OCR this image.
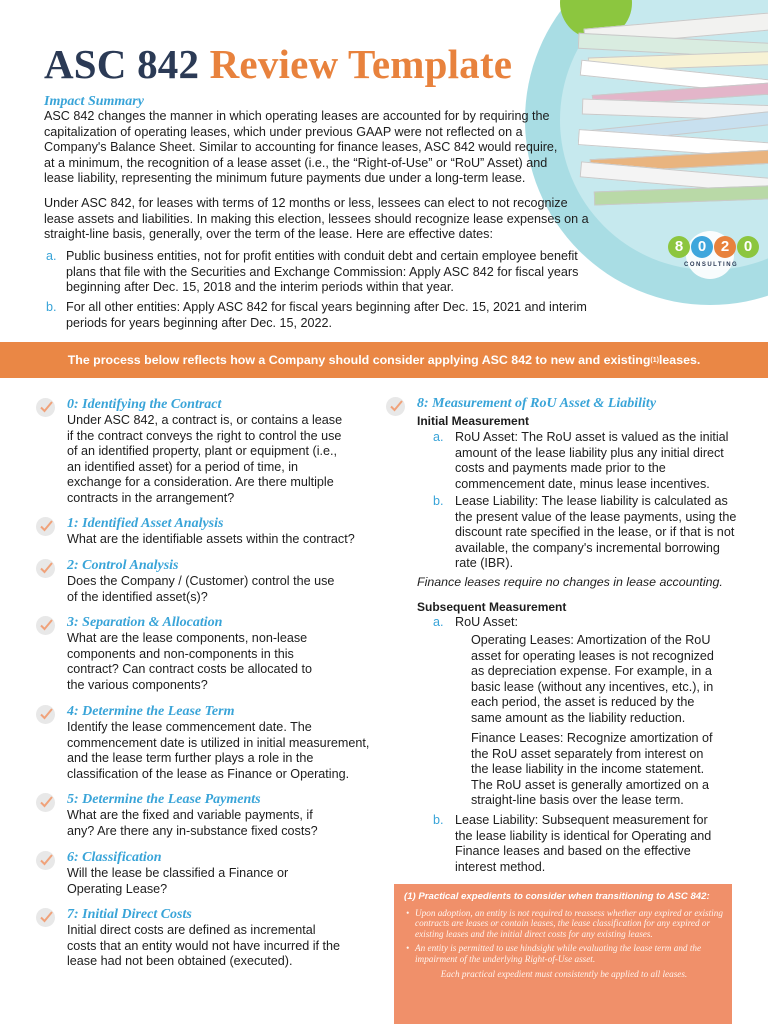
ASC 842 Review Template
Impact Summary
ASC 842 changes the manner in which operating leases are accounted for by requiring the capitalization of operating leases, which under previous GAAP were not reflected on a Company's Balance Sheet. Similar to accounting for finance leases, ASC 842 would require, at a minimum, the recognition of a lease asset (i.e., the “Right-of-Use” or “RoU” Asset) and lease liability, representing the minimum future payments due under a long-term lease.
Under ASC 842, for leases with terms of 12 months or less, lessees can elect to not recognize lease assets and liabilities. In making this election, lessees should recognize lease expenses on a straight-line basis, generally, over the term of the lease. Here are effective dates:
a. Public business entities, not for profit entities with conduit debt and certain employee benefit plans that file with the Securities and Exchange Commission: Apply ASC 842 for fiscal years beginning after Dec. 15, 2018 and the interim periods within that year.
b. For all other entities: Apply ASC 842 for fiscal years beginning after Dec. 15, 2021 and interim periods for years beginning after Dec. 15, 2022.
8 0 2 0
CONSULTING
The process below reflects how a Company should consider applying ASC 842 to new and existing (1) leases.
0: Identifying the Contract
Under ASC 842, a contract is, or contains a lease if the contract conveys the right to control the use of an identified property, plant or equipment (i.e., an identified asset) for a period of time, in exchange for a consideration. Are there multiple contracts in the arrangement?
1: Identified Asset Analysis
What are the identifiable assets within the contract?
2: Control Analysis
Does the Company / (Customer) control the use of the identified asset(s)?
3: Separation & Allocation
What are the lease components, non-lease components and non-components in this contract? Can contract costs be allocated to the various components?
4: Determine the Lease Term
Identify the lease commencement date. The commencement date is utilized in initial measurement, and the lease term further plays a role in the classification of the lease as Finance or Operating.
5: Determine the Lease Payments
What are the fixed and variable payments, if any? Are there any in-substance fixed costs?
6: Classification
Will the lease be classified a Finance or Operating Lease?
7: Initial Direct Costs
Initial direct costs are defined as incremental costs that an entity would not have incurred if the lease had not been obtained (executed).
8: Measurement of RoU Asset & Liability
Initial Measurement
a. RoU Asset: The RoU asset is valued as the initial amount of the lease liability plus any initial direct costs and payments made prior to the commencement date, minus lease incentives.
b. Lease Liability: The lease liability is calculated as the present value of the lease payments, using the discount rate specified in the lease, or if that is not available, the company's incremental borrowing rate (IBR).
Finance leases require no changes in lease accounting.
Subsequent Measurement
a. RoU Asset:
Operating Leases: Amortization of the RoU asset for operating leases is not recognized as depreciation expense. For example, in a basic lease (without any incentives, etc.), in each period, the asset is reduced by the same amount as the liability reduction.
Finance Leases: Recognize amortization of the RoU asset separately from interest on the lease liability in the income statement. The RoU asset is generally amortized on a straight-line basis over the lease term.
b. Lease Liability: Subsequent measurement for the lease liability is identical for Operating and Finance leases and based on the effective interest method.
(1) Practical expedients to consider when transitioning to ASC 842:
• Upon adoption, an entity is not required to reassess whether any expired or existing contracts are leases or contain leases, the lease classification for any expired or existing leases and the initial direct costs for any existing leases.
• An entity is permitted to use hindsight while evaluating the lease term and the impairment of the underlying Right-of-Use asset.
Each practical expedient must consistently be applied to all leases.
